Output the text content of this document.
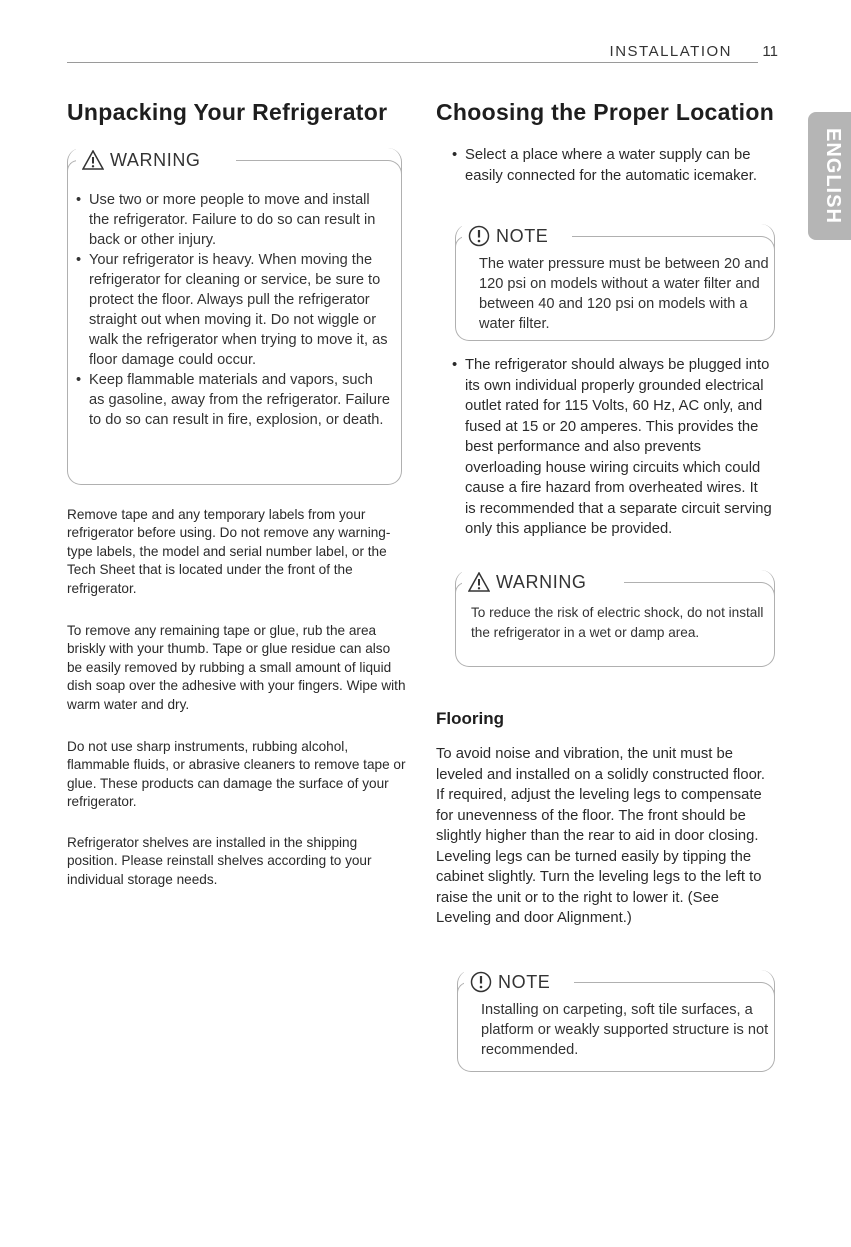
INSTALLATION 11
ENGLISH
Unpacking Your Refrigerator
WARNING
• Use two or more people to move and install the refrigerator. Failure to do so can result in back or other injury.
• Your refrigerator is heavy. When moving the refrigerator for cleaning or service, be sure to protect the floor. Always pull the refrigerator straight out when moving it. Do not wiggle or walk the refrigerator when trying to move it, as floor damage could occur.
• Keep flammable materials and vapors, such as gasoline, away from the refrigerator. Failure to do so can result in fire, explosion, or death.
Remove tape and any temporary labels from your refrigerator before using. Do not remove any warning-type labels, the model and serial number label, or the Tech Sheet that is located under the front of the refrigerator.
To remove any remaining tape or glue, rub the area briskly with your thumb. Tape or glue residue can also be easily removed by rubbing a small amount of liquid dish soap over the adhesive with your fingers. Wipe with warm water and dry.
Do not use sharp instruments, rubbing alcohol, flammable fluids, or abrasive cleaners to remove tape or glue. These products can damage the surface of your refrigerator.
Refrigerator shelves are installed in the shipping position. Please reinstall shelves according to your individual storage needs.
Choosing the Proper Location
• Select a place where a water supply can be easily connected for the automatic icemaker.
NOTE
The water pressure must be between 20 and 120 psi on models without a water filter and between 40 and 120 psi on models with a water filter.
• The refrigerator should always be plugged into its own individual properly grounded electrical outlet rated for 115 Volts, 60 Hz, AC only, and fused at 15 or 20 amperes. This provides the best performance and also prevents overloading house wiring circuits which could cause a fire hazard from overheated wires. It is recommended that a separate circuit serving only this appliance be provided.
WARNING
To reduce the risk of electric shock, do not install the refrigerator in a wet or damp area.
Flooring
To avoid noise and vibration, the unit must be leveled and installed on a solidly constructed floor. If required, adjust the leveling legs to compensate for unevenness of the floor. The front should be slightly higher than the rear to aid in door closing. Leveling legs can be turned easily by tipping the cabinet slightly. Turn the leveling legs to the left to raise the unit or to the right to lower it. (See Leveling and door Alignment.)
NOTE
Installing on carpeting, soft tile surfaces, a platform or weakly supported structure is not recommended.
